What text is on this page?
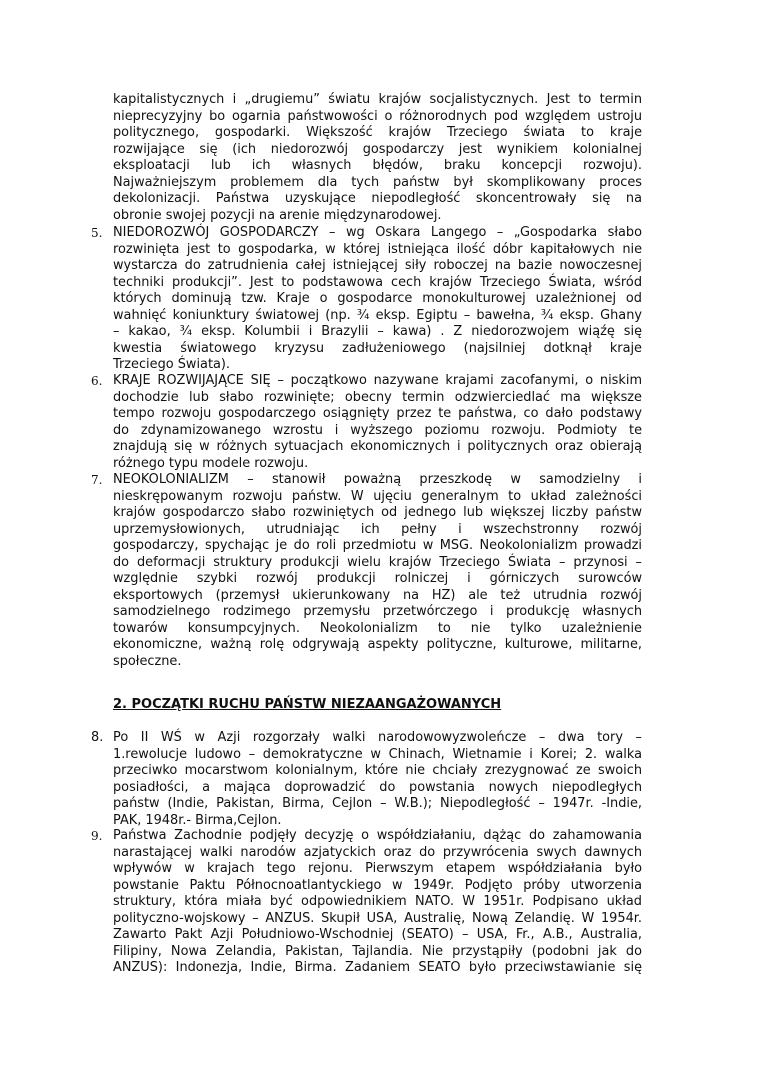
kapitalistycznych i „drugiemu” światu krajów socjalistycznych. Jest to termin
nieprecyzyjny bo ogarnia państwowości o różnorodnych pod względem ustroju
politycznego, gospodarki. Większość krajów Trzeciego świata to kraje
rozwijające się (ich niedorozwój gospodarczy jest wynikiem kolonialnej
eksploatacji lub ich własnych błędów, braku koncepcji rozwoju).
Najważniejszym problemem dla tych państw był skomplikowany proces
dekolonizacji. Państwa uzyskujące niepodległość skoncentrowały się na
obronie swojej pozycji na arenie międzynarodowej.
5. NIEDOROZWÓJ GOSPODARCZY – wg Oskara Langego – „Gospodarka słabo
rozwinięta jest to gospodarka, w której istniejąca ilość dóbr kapitałowych nie
wystarcza do zatrudnienia całej istniejącej siły roboczej na bazie nowoczesnej
techniki produkcji”. Jest to podstawowa cech krajów Trzeciego Świata, wśród
których dominują tzw. Kraje o gospodarce monokulturowej uzależnionej od
wahnięć koniunktury światowej (np. ¾ eksp. Egiptu – bawełna, ¾ eksp. Ghany
– kakao, ¾ eksp. Kolumbii i Brazylii – kawa) . Z niedorozwojem wiąźę się
kwestia światowego kryzysu zadłużeniowego (najsilniej dotknął kraje
Trzeciego Świata).
6. KRAJE ROZWIJAJĄCE SIĘ – początkowo nazywane krajami zacofanymi, o niskim
dochodzie lub słabo rozwinięte; obecny termin odzwierciedlać ma większe
tempo rozwoju gospodarczego osiągnięty przez te państwa, co dało podstawy
do zdynamizowanego wzrostu i wyższego poziomu rozwoju. Podmioty te
znajdują się w różnych sytuacjach ekonomicznych i politycznych oraz obierają
różnego typu modele rozwoju.
7. NEOKOLONIALIZM – stanowił poważną przeszkodę w samodzielny i
nieskrępowanym rozwoju państw. W ujęciu generalnym to układ zależności
krajów gospodarczo słabo rozwiniętych od jednego lub większej liczby państw
uprzemysłowionych, utrudniając ich pełny i wszechstronny rozwój
gospodarczy, spychając je do roli przedmiotu w MSG. Neokolonializm prowadzi
do deformacji struktury produkcji wielu krajów Trzeciego Świata – przynosi –
względnie szybki rozwój produkcji rolniczej i górniczych surowców
eksportowych (przemysł ukierunkowany na HZ) ale też utrudnia rozwój
samodzielnego rodzimego przemysłu przetwórczego i produkcję własnych
towarów konsumpcyjnych. Neokolonializm to nie tylko uzależnienie
ekonomiczne, ważną rolę odgrywają aspekty polityczne, kulturowe, militarne,
społeczne.
2. POCZĄTKI RUCHU PAŃSTW NIEZAANGAŻOWANYCH
8. Po II WŚ w Azji rozgorzały walki narodowowyzwoleńcze – dwa tory –
1.rewolucje ludowo – demokratyczne w Chinach, Wietnamie i Korei; 2. walka
przeciwko mocarstwom kolonialnym, które nie chciały zrezygnować ze swoich
posiadłości, a mająca doprowadzić do powstania nowych niepodległych
państw (Indie, Pakistan, Birma, Cejlon – W.B.); Niepodległość – 1947r. -Indie,
PAK, 1948r.- Birma,Cejlon.
9. Państwa Zachodnie podjęły decyzję o współdziałaniu, dążąc do zahamowania
narastającej walki narodów azjatyckich oraz do przywrócenia swych dawnych
wpływów w krajach tego rejonu. Pierwszym etapem współdziałania było
powstanie Paktu Północnoatlantyckiego w 1949r. Podjęto próby utworzenia
struktury, która miała być odpowiednikiem NATO. W 1951r. Podpisano układ
polityczno-wojskowy – ANZUS. Skupił USA, Australię, Nową Zelandię. W 1954r.
Zawarto Pakt Azji Południowo-Wschodniej (SEATO) – USA, Fr., A.B., Australia,
Filipiny, Nowa Zelandia, Pakistan, Tajlandia. Nie przystąpiły (podobni jak do
ANZUS): Indonezja, Indie, Birma. Zadaniem SEATO było przeciwstawianie się
